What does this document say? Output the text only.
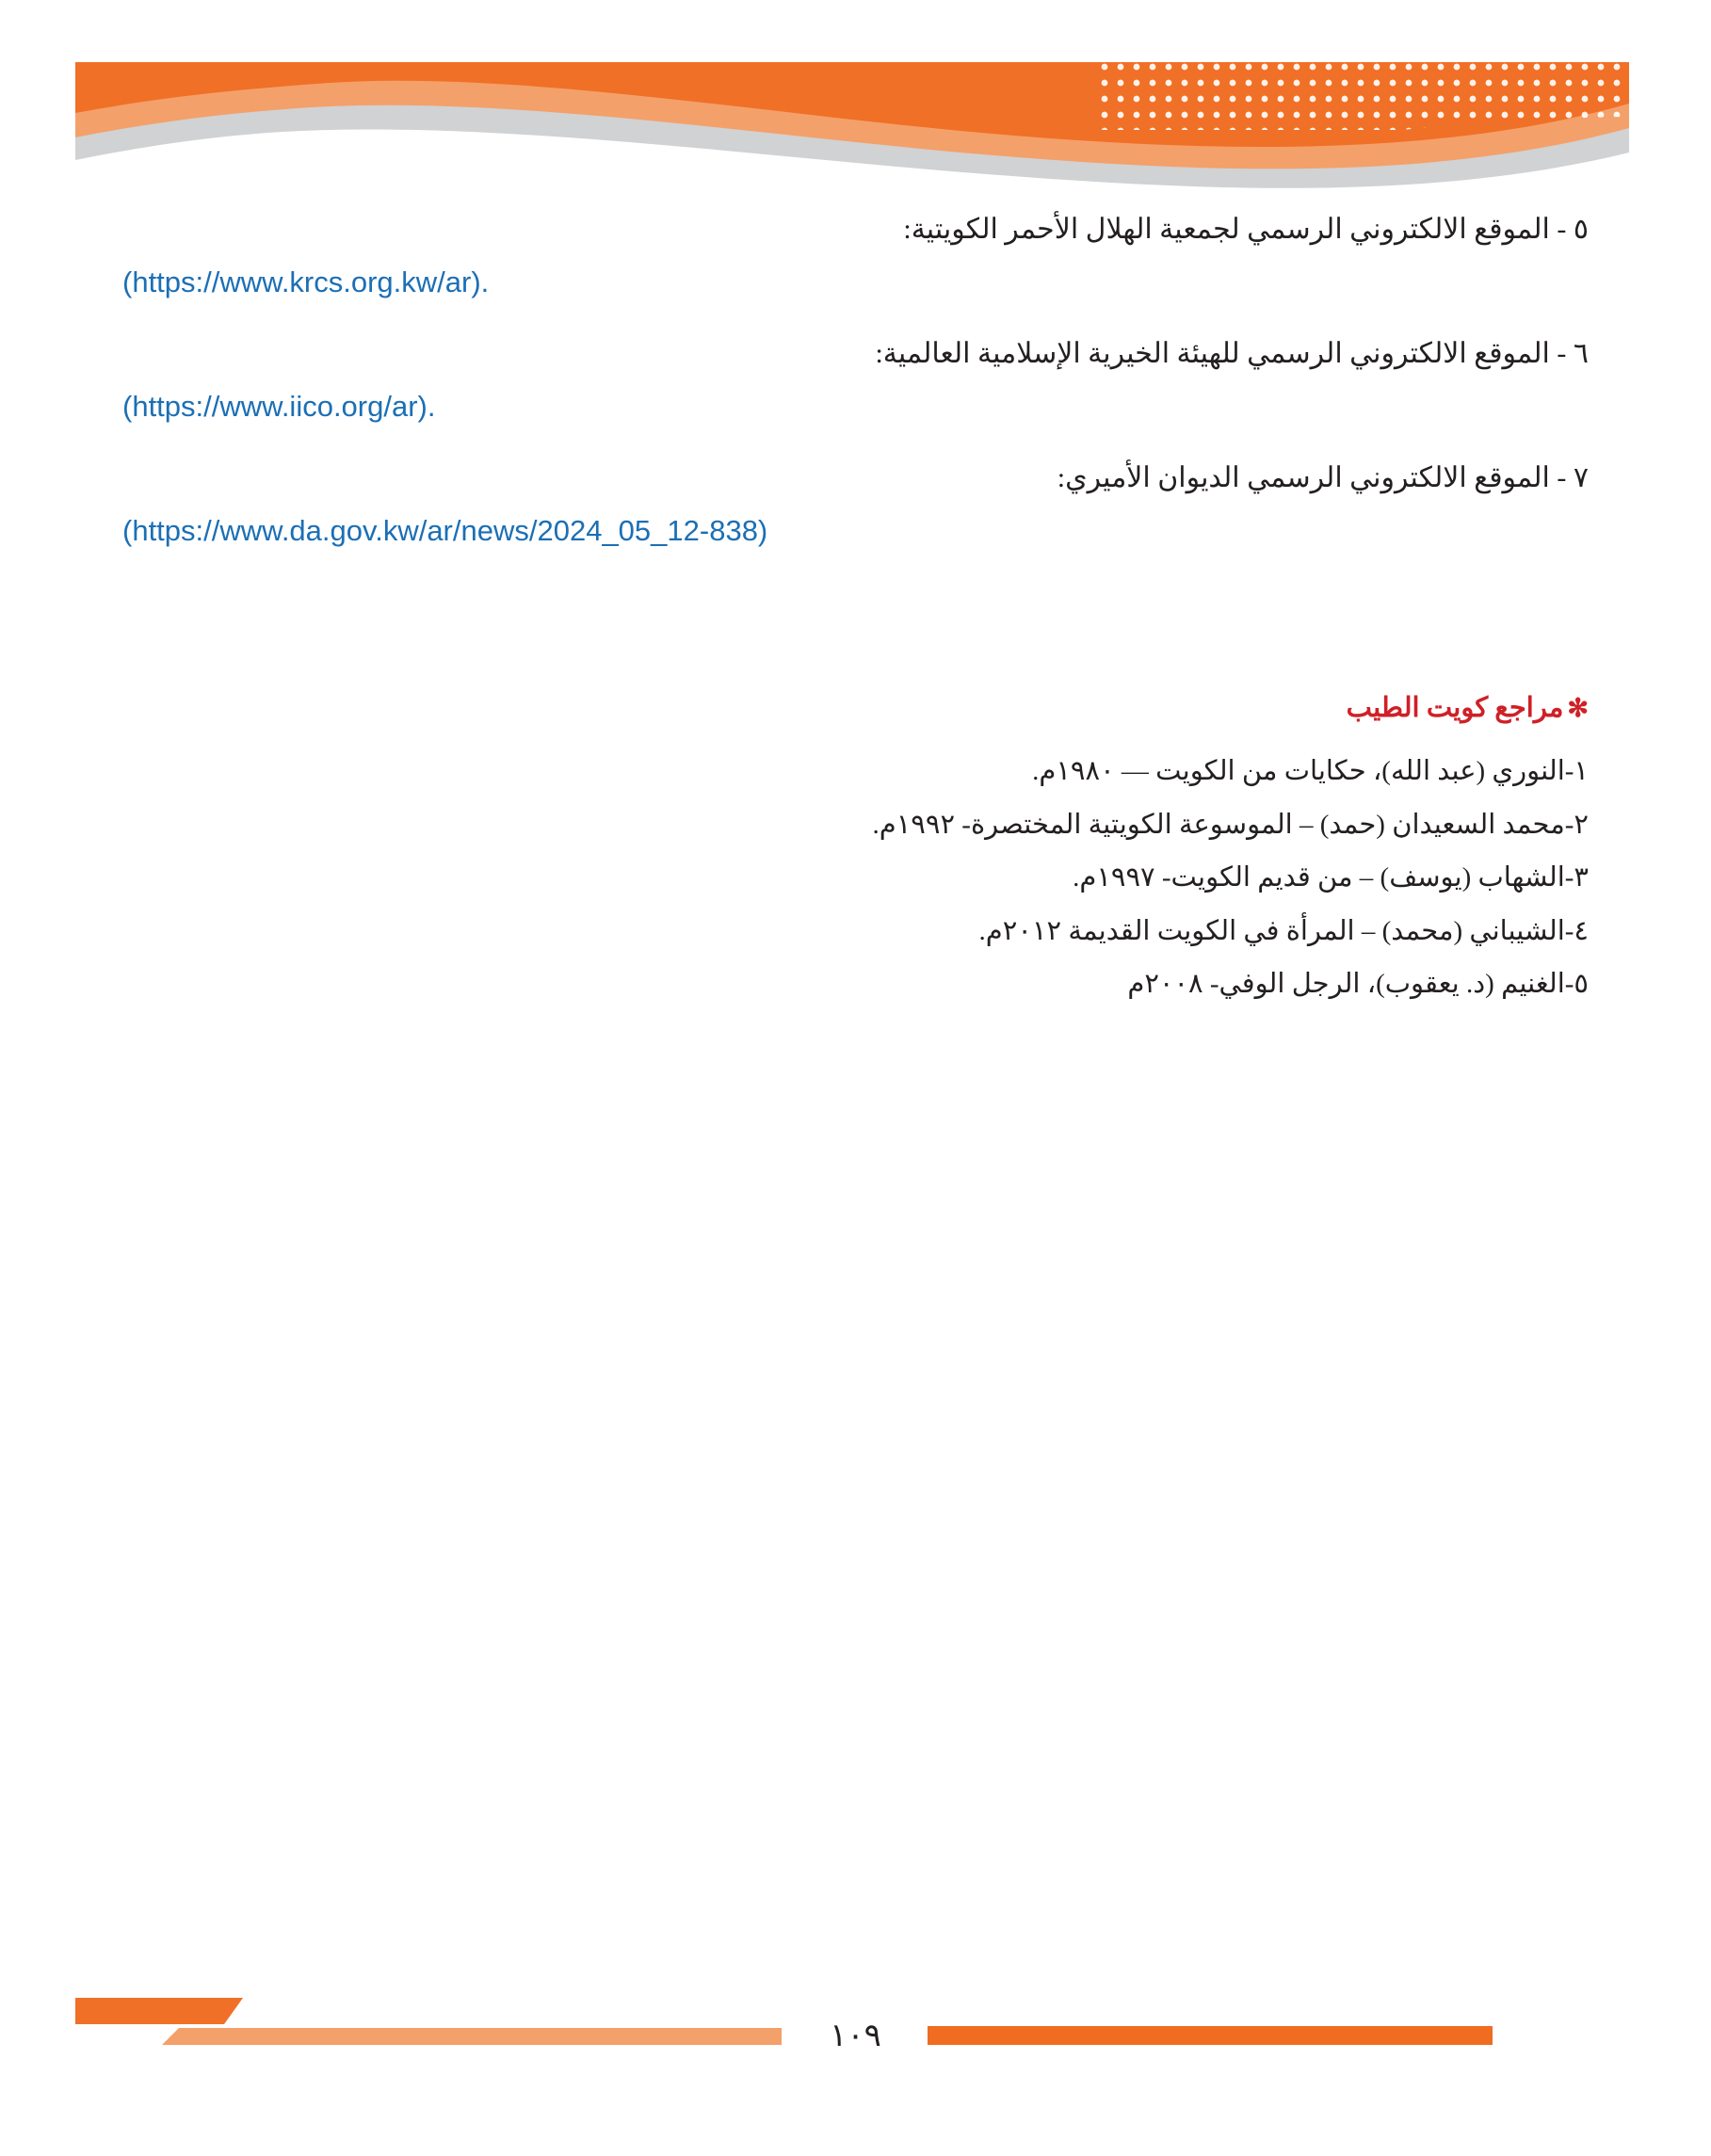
٥ - الموقع الالكتروني الرسمي لجمعية الهلال الأحمر الكويتية:

(https://www.krcs.org.kw/ar).

٦ - الموقع الالكتروني الرسمي للهيئة الخيرية الإسلامية العالمية:

(https://www.iico.org/ar).

٧ - الموقع الالكتروني الرسمي الديوان الأميري:

(https://www.da.gov.kw/ar/news/2024_05_12-838)

✻مراجع كويت الطيب

١-النوري (عبد الله)، حكايات من الكويت — ١٩٨٠م.

٢-محمد السعيدان (حمد) – الموسوعة الكويتية المختصرة- ١٩٩٢م.

٣-الشهاب (يوسف) – من قديم الكويت- ١٩٩٧م.

٤-الشيباني (محمد) – المرأة في الكويت القديمة ٢٠١٢م.

٥-الغنيم (د. يعقوب)، الرجل الوفي- ٢٠٠٨م

١٠٩
